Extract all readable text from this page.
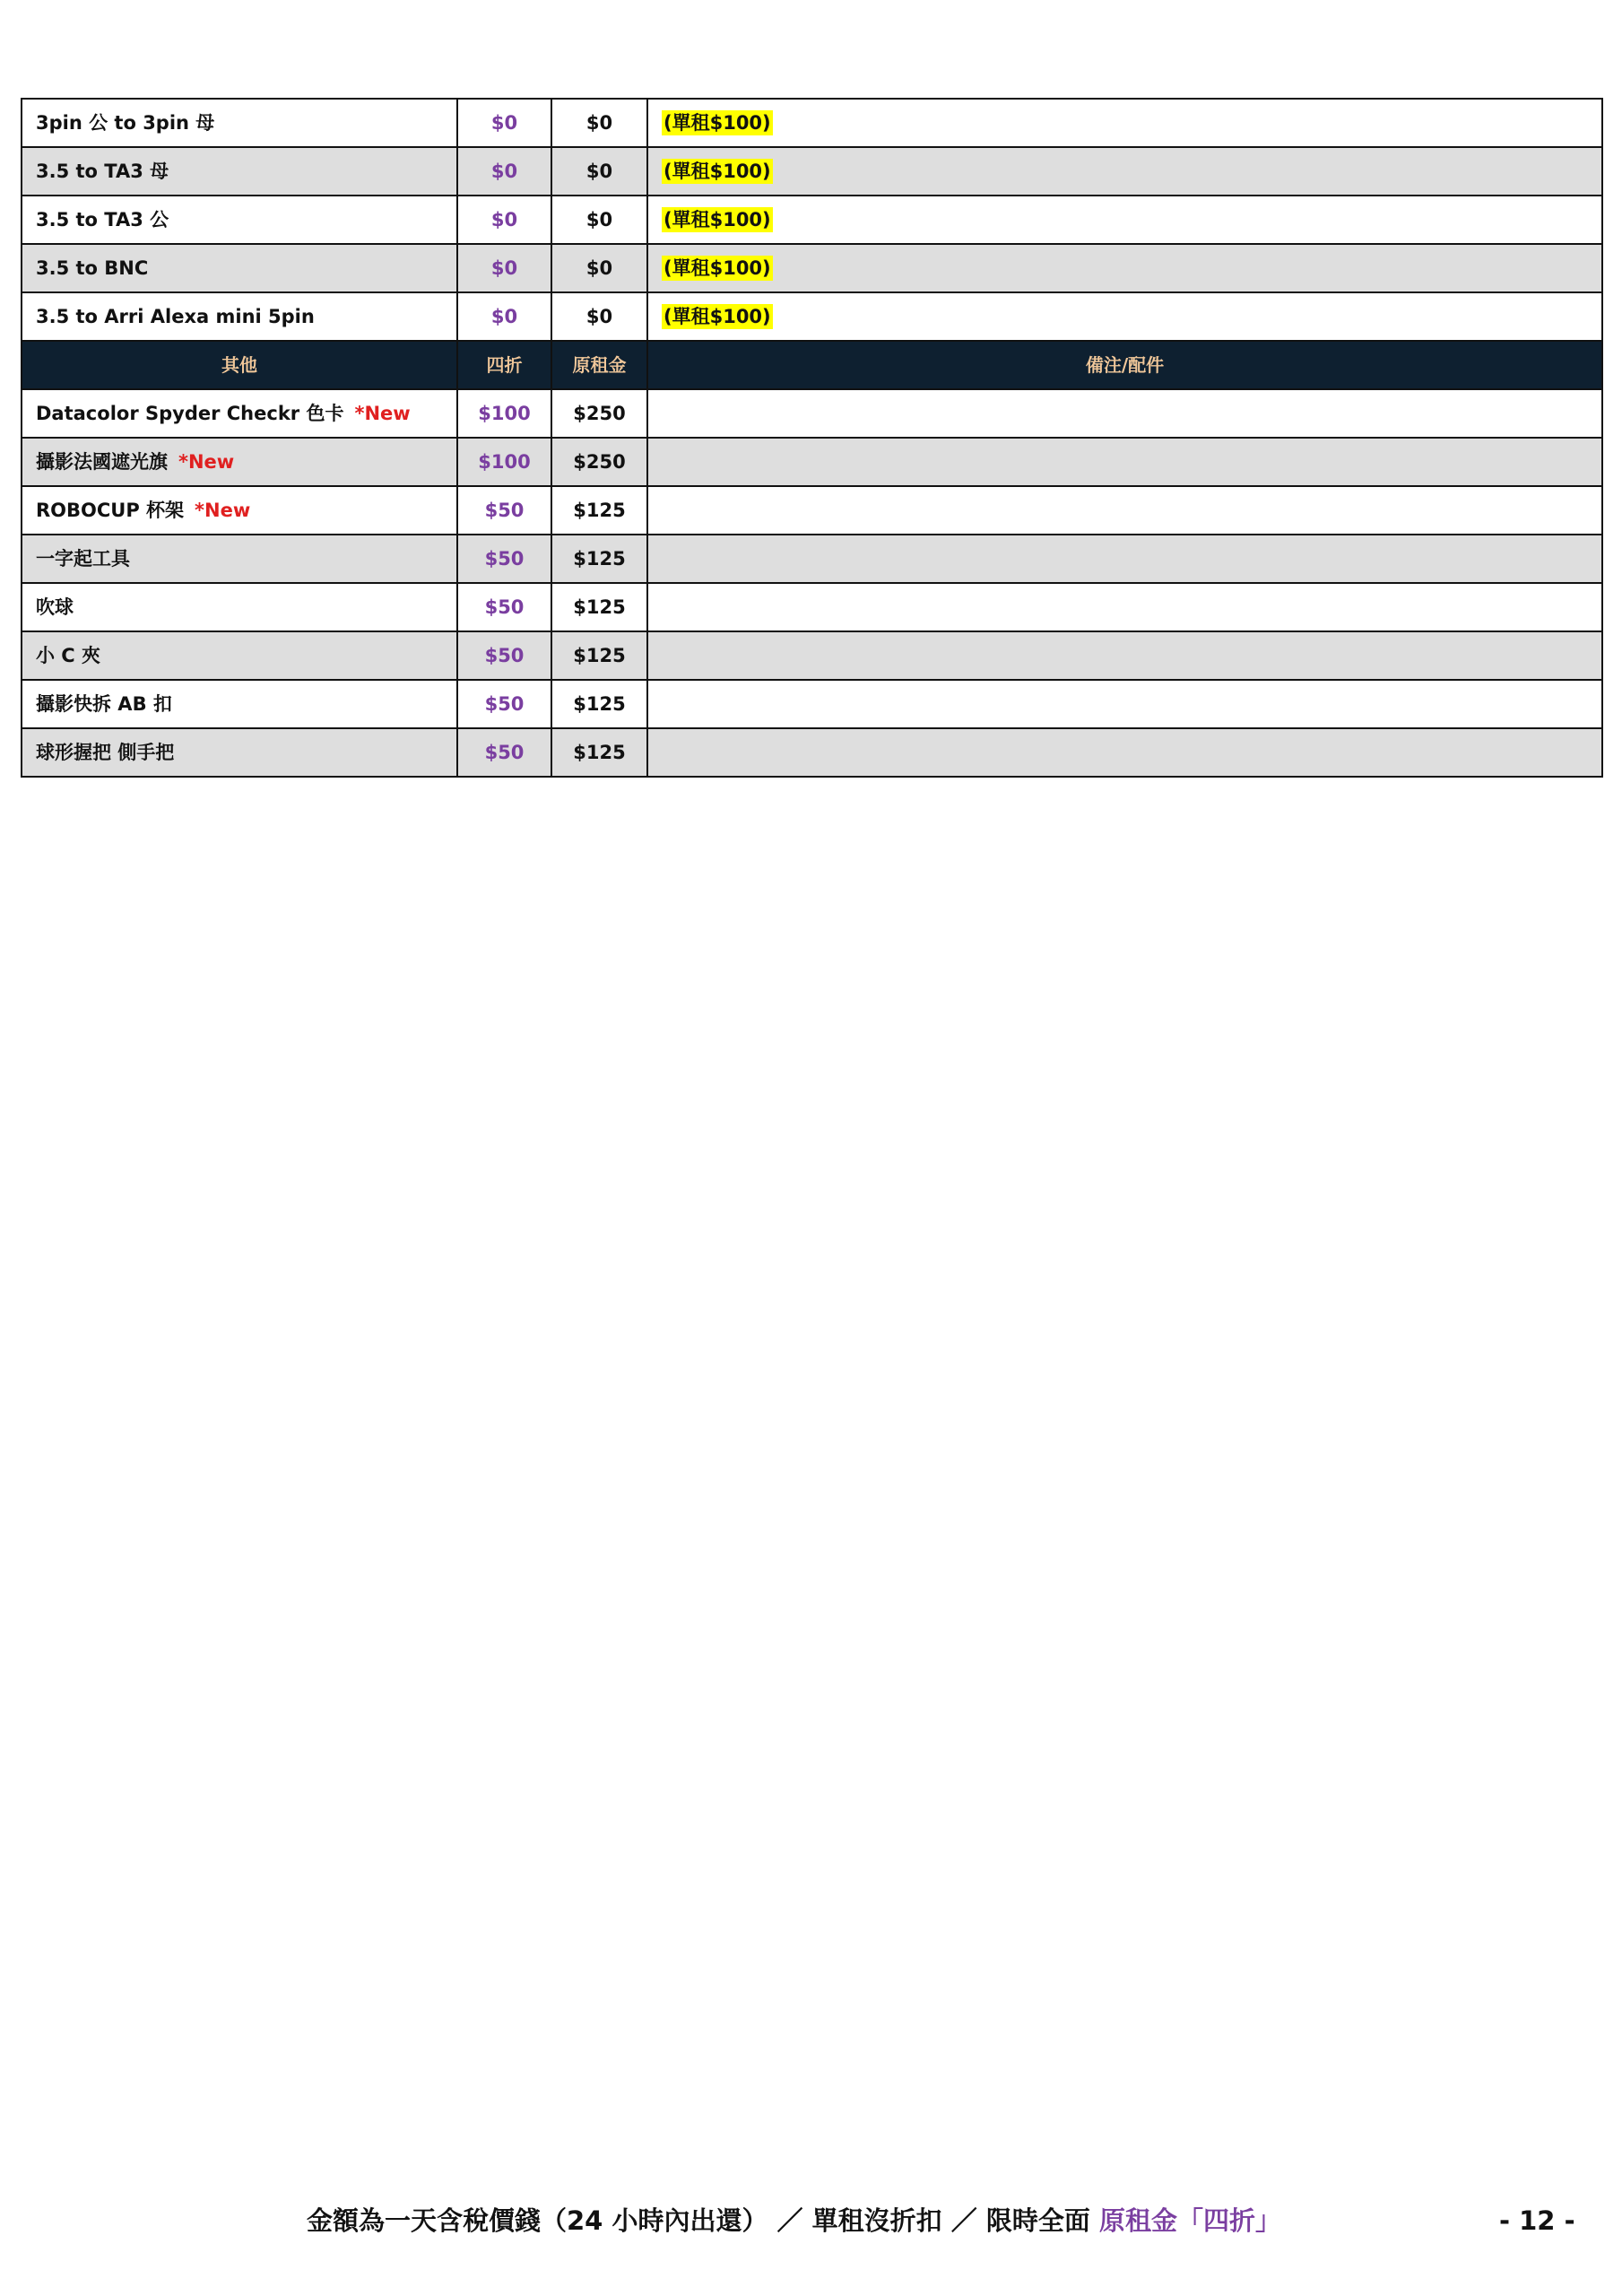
3pin 公 to 3pin 母	$0	$0	(單租$100)
3.5 to TA3 母	$0	$0	(單租$100)
3.5 to TA3 公	$0	$0	(單租$100)
3.5 to BNC	$0	$0	(單租$100)
3.5 to Arri Alexa mini 5pin	$0	$0	(單租$100)
其他	四折	原租金	備注/配件
Datacolor Spyder Checkr 色卡 *New	$100	$250	
攝影法國遮光旗 *New	$100	$250	
ROBOCUP 杯架 *New	$50	$125	
一字起工具	$50	$125	
吹球	$50	$125	
小 C 夾	$50	$125	
攝影快拆 AB 扣	$50	$125	
球形握把 側手把	$50	$125	
金額為一天含稅價錢（24 小時內出還） ／ 單租沒折扣 ／ 限時全面 原租金「四折」	- 12 -
